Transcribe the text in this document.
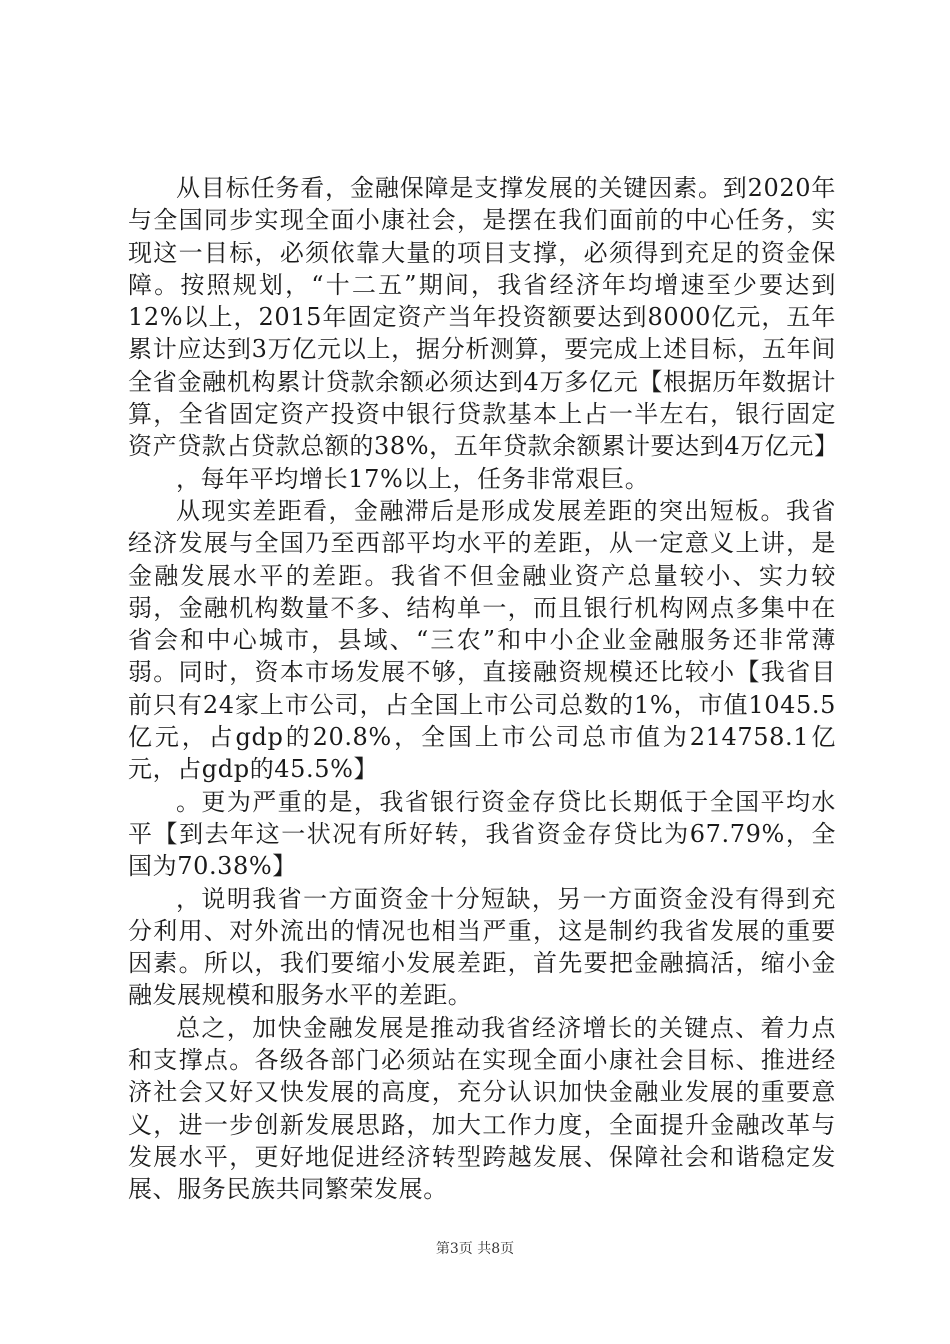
从目标任务看，金融保障是支撑发展的关键因素。到2020年与全国同步实现全面小康社会，是摆在我们面前的中心任务，实现这一目标，必须依靠大量的项目支撑，必须得到充足的资金保障。按照规划，“十二五”期间，我省经济年均增速至少要达到12%以上，2015年固定资产当年投资额要达到8000亿元，五年累计应达到3万亿元以上，据分析测算，要完成上述目标，五年间全省金融机构累计贷款余额必须达到4万多亿元【根据历年数据计算，全省固定资产投资中银行贷款基本上占一半左右，银行固定资产贷款占贷款总额的38%，五年贷款余额累计要达到4万亿元】

，每年平均增长17%以上，任务非常艰巨。

从现实差距看，金融滞后是形成发展差距的突出短板。我省经济发展与全国乃至西部平均水平的差距，从一定意义上讲，是金融发展水平的差距。我省不但金融业资产总量较小、实力较弱，金融机构数量不多、结构单一，而且银行机构网点多集中在省会和中心城市，县域、“三农”和中小企业金融服务还非常薄弱。同时，资本市场发展不够，直接融资规模还比较小【我省目前只有24家上市公司，占全国上市公司总数的1%，市值1045.5亿元，占gdp的20.8%，全国上市公司总市值为214758.1亿元，占gdp的45.5%】

。更为严重的是，我省银行资金存贷比长期低于全国平均水平【到去年这一状况有所好转，我省资金存贷比为67.79%，全国为70.38%】

，说明我省一方面资金十分短缺，另一方面资金没有得到充分利用、对外流出的情况也相当严重，这是制约我省发展的重要因素。所以，我们要缩小发展差距，首先要把金融搞活，缩小金融发展规模和服务水平的差距。

总之，加快金融发展是推动我省经济增长的关键点、着力点和支撑点。各级各部门必须站在实现全面小康社会目标、推进经济社会又好又快发展的高度，充分认识加快金融业发展的重要意义，进一步创新发展思路，加大工作力度，全面提升金融改革与发展水平，更好地促进经济转型跨越发展、保障社会和谐稳定发展、服务民族共同繁荣发展。

第3页 共8页
